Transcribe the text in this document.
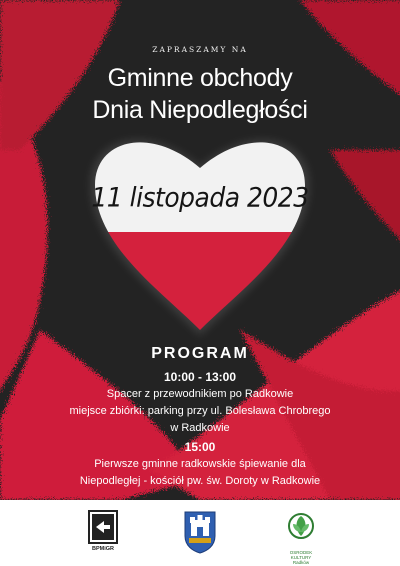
ZAPRASZAMY NA
Gminne obchody
Dnia Niepodległości
11 listopada 2023
PROGRAM
10:00 - 13:00
Spacer z przewodnikiem po Radkowie
miejsce zbiórki: parking przy ul. Bolesława Chrobrego
w Radkowie
15:00
Pierwsze gminne radkowskie śpiewanie dla
Niepodległej - kościół pw. św. Doroty w Radkowie
BPMiGR
OSRODEK KULTURY Radków
